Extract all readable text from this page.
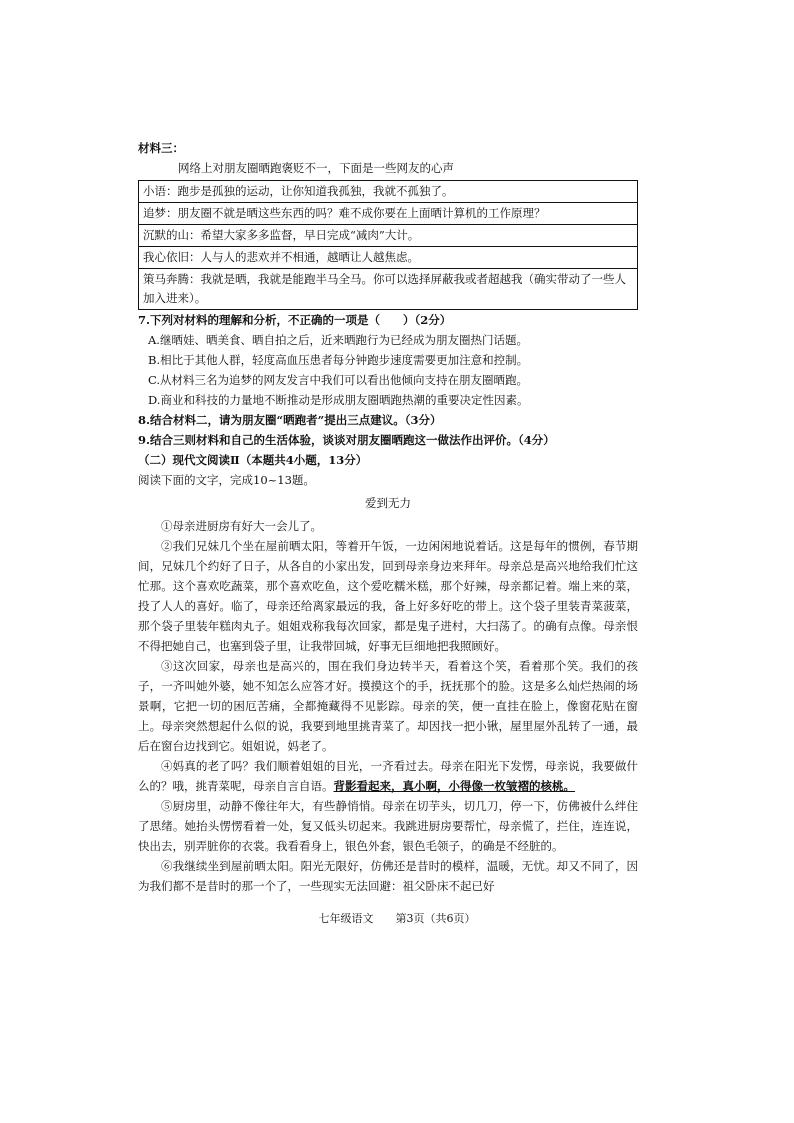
材料三：
网络上对朋友圈晒跑褒贬不一，下面是一些网友的心声
小语：跑步是孤独的运动，让你知道我孤独，我就不孤独了。
追梦：朋友圈不就是晒这些东西的吗？难不成你要在上面晒计算机的工作原理？
沉默的山：希望大家多多监督，早日完成“减肉”大计。
我心依旧：人与人的悲欢并不相通，越晒让人越焦虑。
策马奔腾：我就是晒，我就是能跑半马全马。你可以选择屏蔽我或者超越我（确实带动了一些人加入进来）。
7.下列对材料的理解和分析，不正确的一项是（　　）（2分）
A.继晒娃、晒美食、晒自拍之后，近来晒跑行为已经成为朋友圈热门话题。
B.相比于其他人群，轻度高血压患者每分钟跑步速度需要更加注意和控制。
C.从材料三名为追梦的网友发言中我们可以看出他倾向支持在朋友圈晒跑。
D.商业和科技的力量地不断推动是形成朋友圈晒跑热潮的重要决定性因素。
8.结合材料二，请为朋友圈“晒跑者”提出三点建议。（3分）
9.结合三则材料和自己的生活体验，谈谈对朋友圈晒跑这一做法作出评价。（4分）
（二）现代文阅读Ⅱ（本题共4小题，13分）
阅读下面的文字，完成10~13题。
爱到无力
①母亲进厨房有好大一会儿了。
②我们兄妹几个坐在屋前晒太阳，等着开午饭，一边闲闲地说着话。这是每年的惯例，春节期间，兄妹几个约好了日子，从各自的小家出发，回到母亲身边来拜年。母亲总是高兴地给我们忙这忙那。这个喜欢吃蔬菜，那个喜欢吃鱼，这个爱吃糯米糕，那个好辣，母亲都记着。端上来的菜，投了人人的喜好。临了，母亲还给离家最远的我，备上好多好吃的带上。这个袋子里装青菜菠菜，那个袋子里装年糕肉丸子。姐姐戏称我每次回家，都是鬼子进村，大扫荡了。的确有点像。母亲恨不得把她自己，也塞到袋子里，让我带回城，好事无巨细地把我照顾好。
③这次回家，母亲也是高兴的，围在我们身边转半天，看着这个笑，看着那个笑。我们的孩子，一齐叫她外婆，她不知怎么应答才好。摸摸这个的手，抚抚那个的脸。这是多么灿烂热闹的场景啊，它把一切的困厄苦痛，全都掩藏得不见影踪。母亲的笑，便一直挂在脸上，像窗花贴在窗上。母亲突然想起什么似的说，我要到地里挑青菜了。却因找一把小锹，屋里屋外乱转了一通，最后在窗台边找到它。姐姐说，妈老了。
④妈真的老了吗？我们顺着姐姐的目光，一齐看过去。母亲在阳光下发愣，母亲说，我要做什么的？哦，挑青菜呢，母亲自言自语。背影看起来，真小啊，小得像一枚皱褶的核桃。
⑤厨房里，动静不像往年大，有些静悄悄。母亲在切芋头，切几刀，停一下，仿佛被什么绊住了思绪。她抬头愣愣看着一处，复又低头切起来。我跳进厨房要帮忙，母亲慌了，拦住，连连说，快出去，别弄脏你的衣裳。我看看身上，银色外套，银色毛领子，的确是不经脏的。
⑥我继续坐到屋前晒太阳。阳光无限好，仿佛还是昔时的模样，温暖，无忧。却又不同了，因为我们都不是昔时的那一个了，一些现实无法回避：祖父卧床不起已好
七年级语文　　第3页（共6页）
